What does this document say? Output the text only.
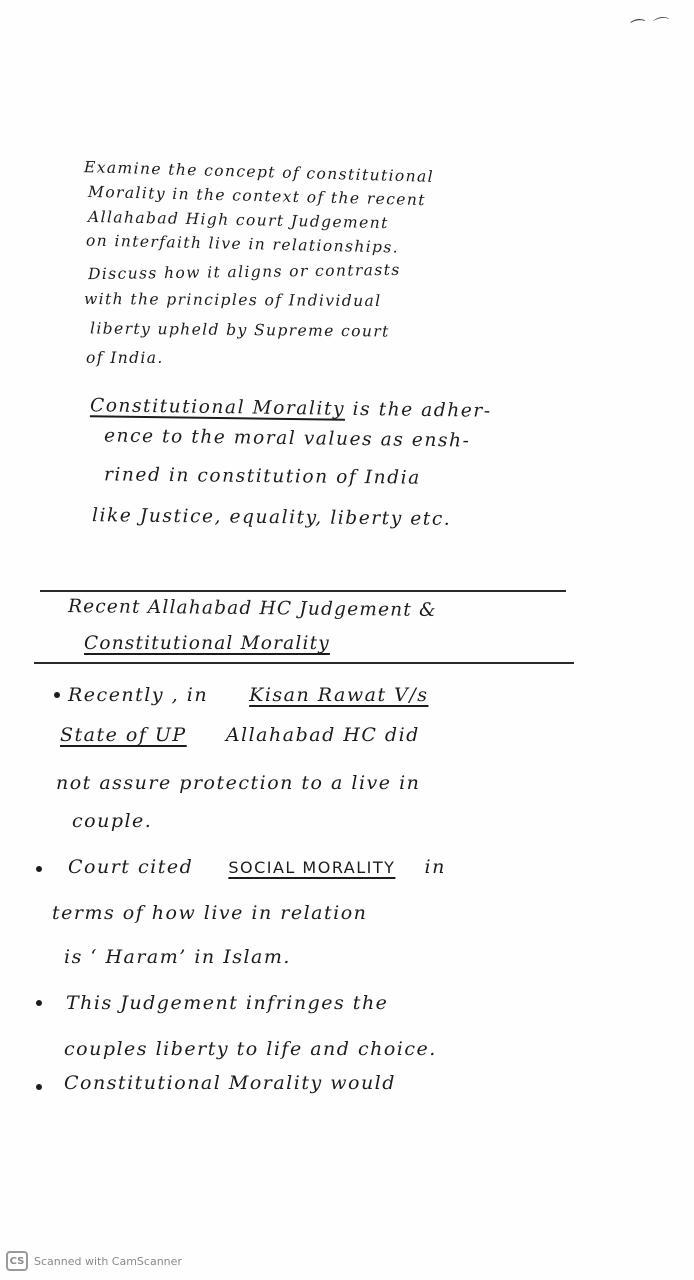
⁀ ⌒
Examine the concept of constitutional
Morality in the context of the recent
Allahabad High court Judgement
on interfaith live in relationships.
Discuss how it aligns or contrasts
with the principles of Individual
liberty upheld by Supreme court
of India.
Constitutional Morality is the adher-
ence to the moral values as ensh-
rined in constitution of India
like Justice, equality, liberty etc.
Recent Allahabad HC Judgement &
Constitutional Morality
Recently , in Kisan Rawat V/s
State of UP Allahabad HC did
not assure protection to a live in
couple.
Court cited SOCIAL MORALITY in
terms of how live in relation
is ‘ Haram’ in Islam.
This Judgement infringes the
couples liberty to life and choice.
Constitutional Morality would
CS Scanned with CamScanner
